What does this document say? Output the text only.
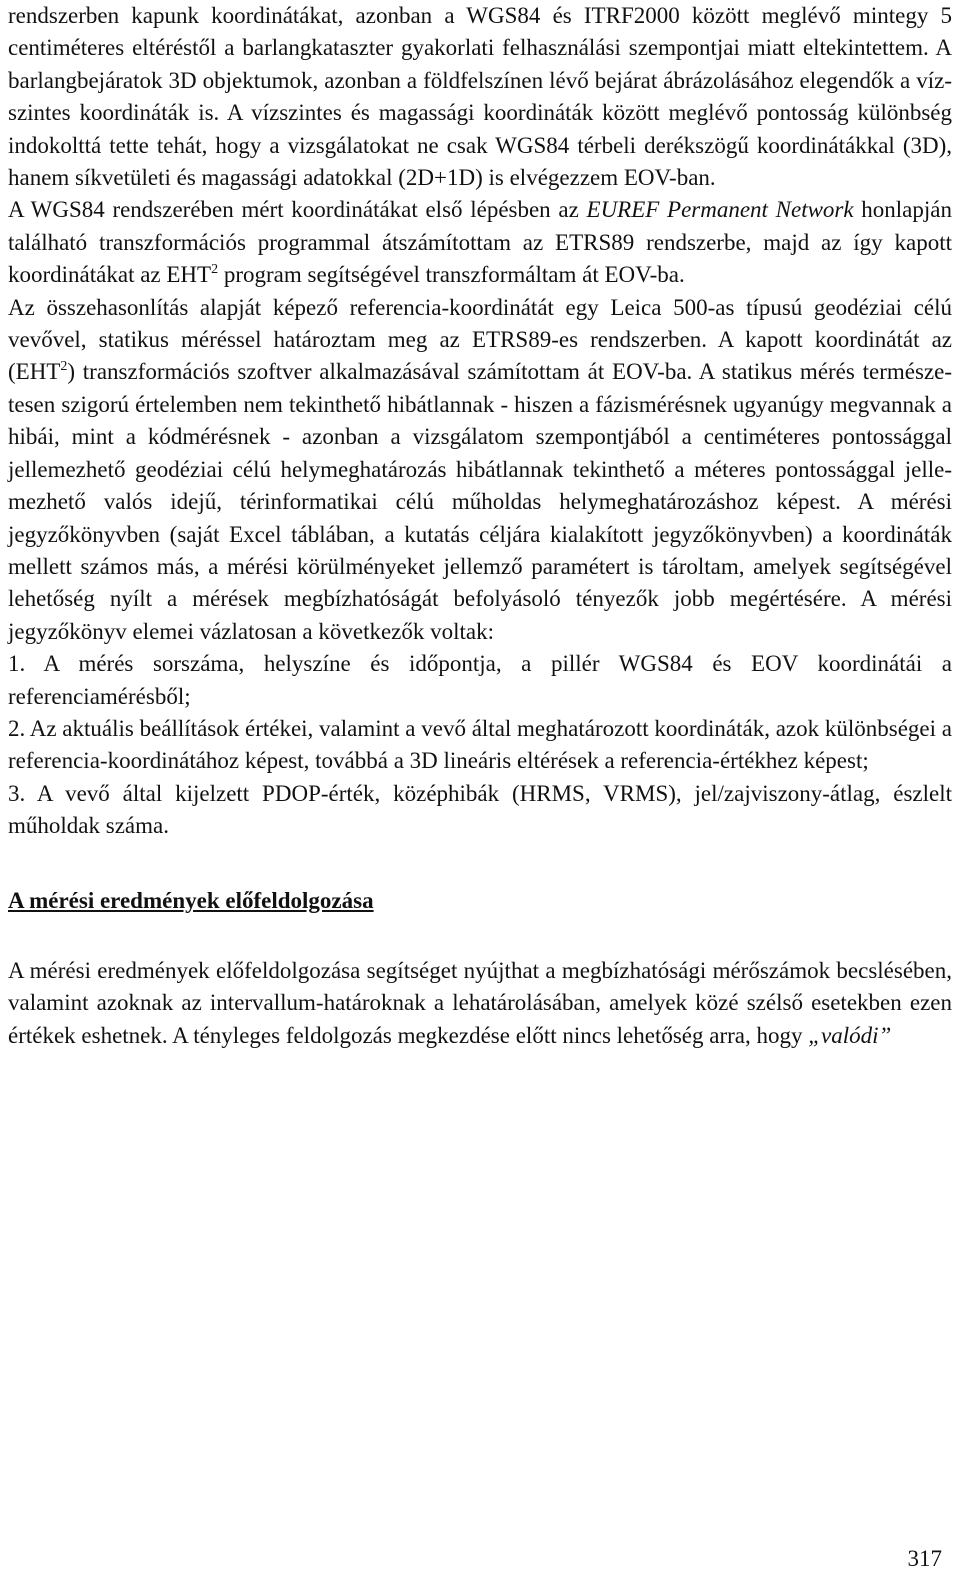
rendszerben kapunk koordinátákat, azonban a WGS84 és ITRF2000 között meglévő mintegy 5 centiméteres eltéréstől a barlangkataszter gyakorlati felhasználási szempontjai miatt eltekintettem. A barlangbejáratok 3D objektumok, azonban a földfelszínen lévő bejárat ábrázolásához elegendők a vízszintes koordináták is. A vízszintes és magassági koordináták között meglévő pontosság különbség indokolttá tette tehát, hogy a vizsgálatokat ne csak WGS84 térbeli derékszögű koordinátákkal (3D), hanem síkvetületi és magassági adatokkal (2D+1D) is elvégezzem EOV-ban.

A WGS84 rendszerében mért koordinátákat első lépésben az EUREF Permanent Network honlapján található transzformációs programmal átszámítottam az ETRS89 rendszerbe, majd az így kapott koordinátákat az EHT$^2$ program segítségével transzformáltam át EOV-ba.

Az összehasonlítás alapját képező referencia-koordinátát egy Leica 500-as típusú geodéziai célú vevővel, statikus méréssel határoztam meg az ETRS89-es rendszerben. A kapott koordinátát az (EHT$^2$) transzformációs szoftver alkalmazásával számítottam át EOV-ba. A statikus mérés természetesen szigorú értelemben nem tekinthető hibátlannak - hiszen a fázismérésnek ugyanúgy megvannak a hibái, mint a kódmérésnek - azonban a vizsgálatom szempontjából a centiméteres pontossággal jellemezhető geodéziai célú helymeghatározás hibátlannak tekinthető a méteres pontossággal jellemezhető valós idejű, térinformatikai célú műholdas helymeghatározáshoz képest. A mérési jegyzőkönyvben (saját Excel táblában, a kutatás céljára kialakított jegyzőkönyvben) a koordináták mellett számos más, a mérési körülményeket jellemző paramétert is tároltam, amelyek segítségével lehetőség nyílt a mérések megbízhatóságát befolyásoló tényezők jobb megértésére. A mérési jegyzőkönyv elemei vázlatosan a következők voltak:

1. A mérés sorszáma, helyszíne és időpontja, a pillér WGS84 és EOV koordinátái a referenciamérésből;

2. Az aktuális beállítások értékei, valamint a vevő által meghatározott koordináták, azok különbségei a referencia-koordinátához képest, továbbá a 3D lineáris eltérések a referencia-értékhez képest;

3. A vevő által kijelzett PDOP-érték, középhibák (HRMS, VRMS), jel/zajviszony-átlag, észlelt műholdak száma.

A mérési eredmények előfeldolgozása

A mérési eredmények előfeldolgozása segítséget nyújthat a megbízhatósági mérőszámok becslésében, valamint azoknak az intervallum-határoknak a lehatárolásában, amelyek közé szélső esetekben ezen értékek eshetnek. A tényleges feldolgozás megkezdése előtt nincs lehetőség arra, hogy „valódi”

317
